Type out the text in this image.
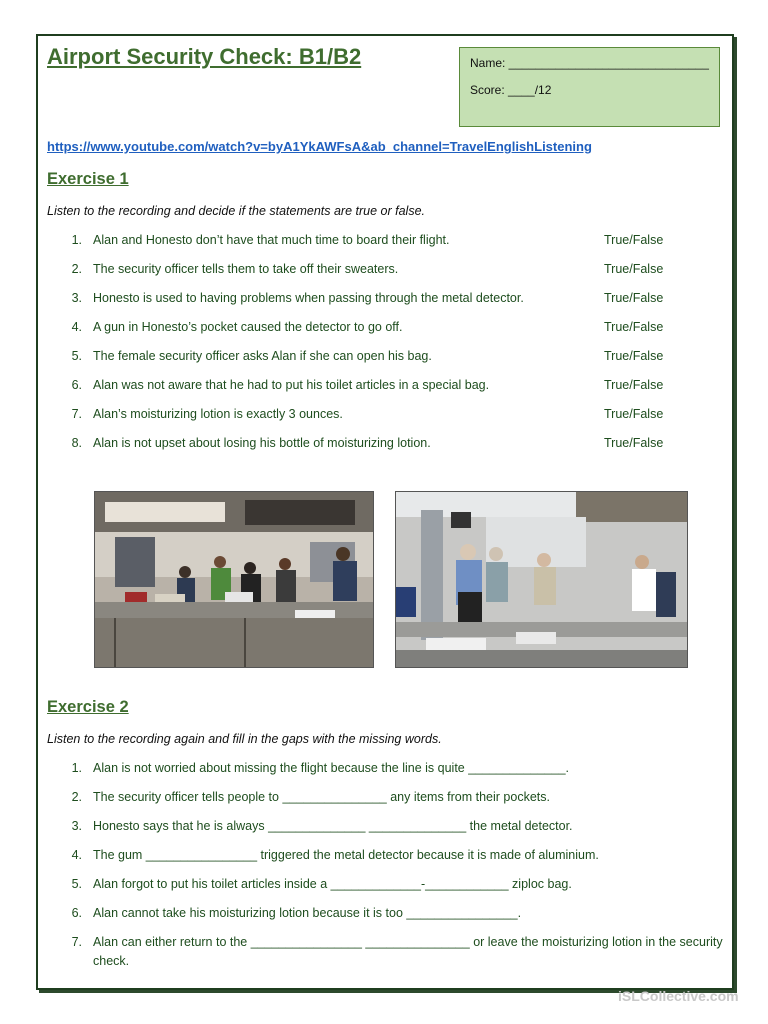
Airport Security Check: B1/B2	Name: ______________________________
Score: ____/12
https://www.youtube.com/watch?v=byA1YkAWFsA&ab_channel=TravelEnglishListening
Exercise 1
Listen to the recording and decide if the statements are true or false.
1. Alan and Honesto don’t have that much time to board their flight.	True/False
2. The security officer tells them to take off their sweaters.	True/False
3. Honesto is used to having problems when passing through the metal detector.	True/False
4. A gun in Honesto’s pocket caused the detector to go off.	True/False
5. The female security officer asks Alan if she can open his bag.	True/False
6. Alan was not aware that he had to put his toilet articles in a special bag.	True/False
7. Alan’s moisturizing lotion is exactly 3 ounces.	True/False
8. Alan is not upset about losing his bottle of moisturizing lotion.	True/False
Exercise 2
Listen to the recording again and fill in the gaps with the missing words.
1. Alan is not worried about missing the flight because the line is quite ______________.
2. The security officer tells people to _______________ any items from their pockets.
3. Honesto says that he is always ______________ ______________ the metal detector.
4. The gum ________________ triggered the metal detector because it is made of aluminium.
5. Alan forgot to put his toilet articles inside a _____________-____________ ziploc bag.
6. Alan cannot take his moisturizing lotion because it is too ________________.
7. Alan can either return to the ________________ _______________ or leave the moisturizing lotion in the security check.
iSLCollective.com
